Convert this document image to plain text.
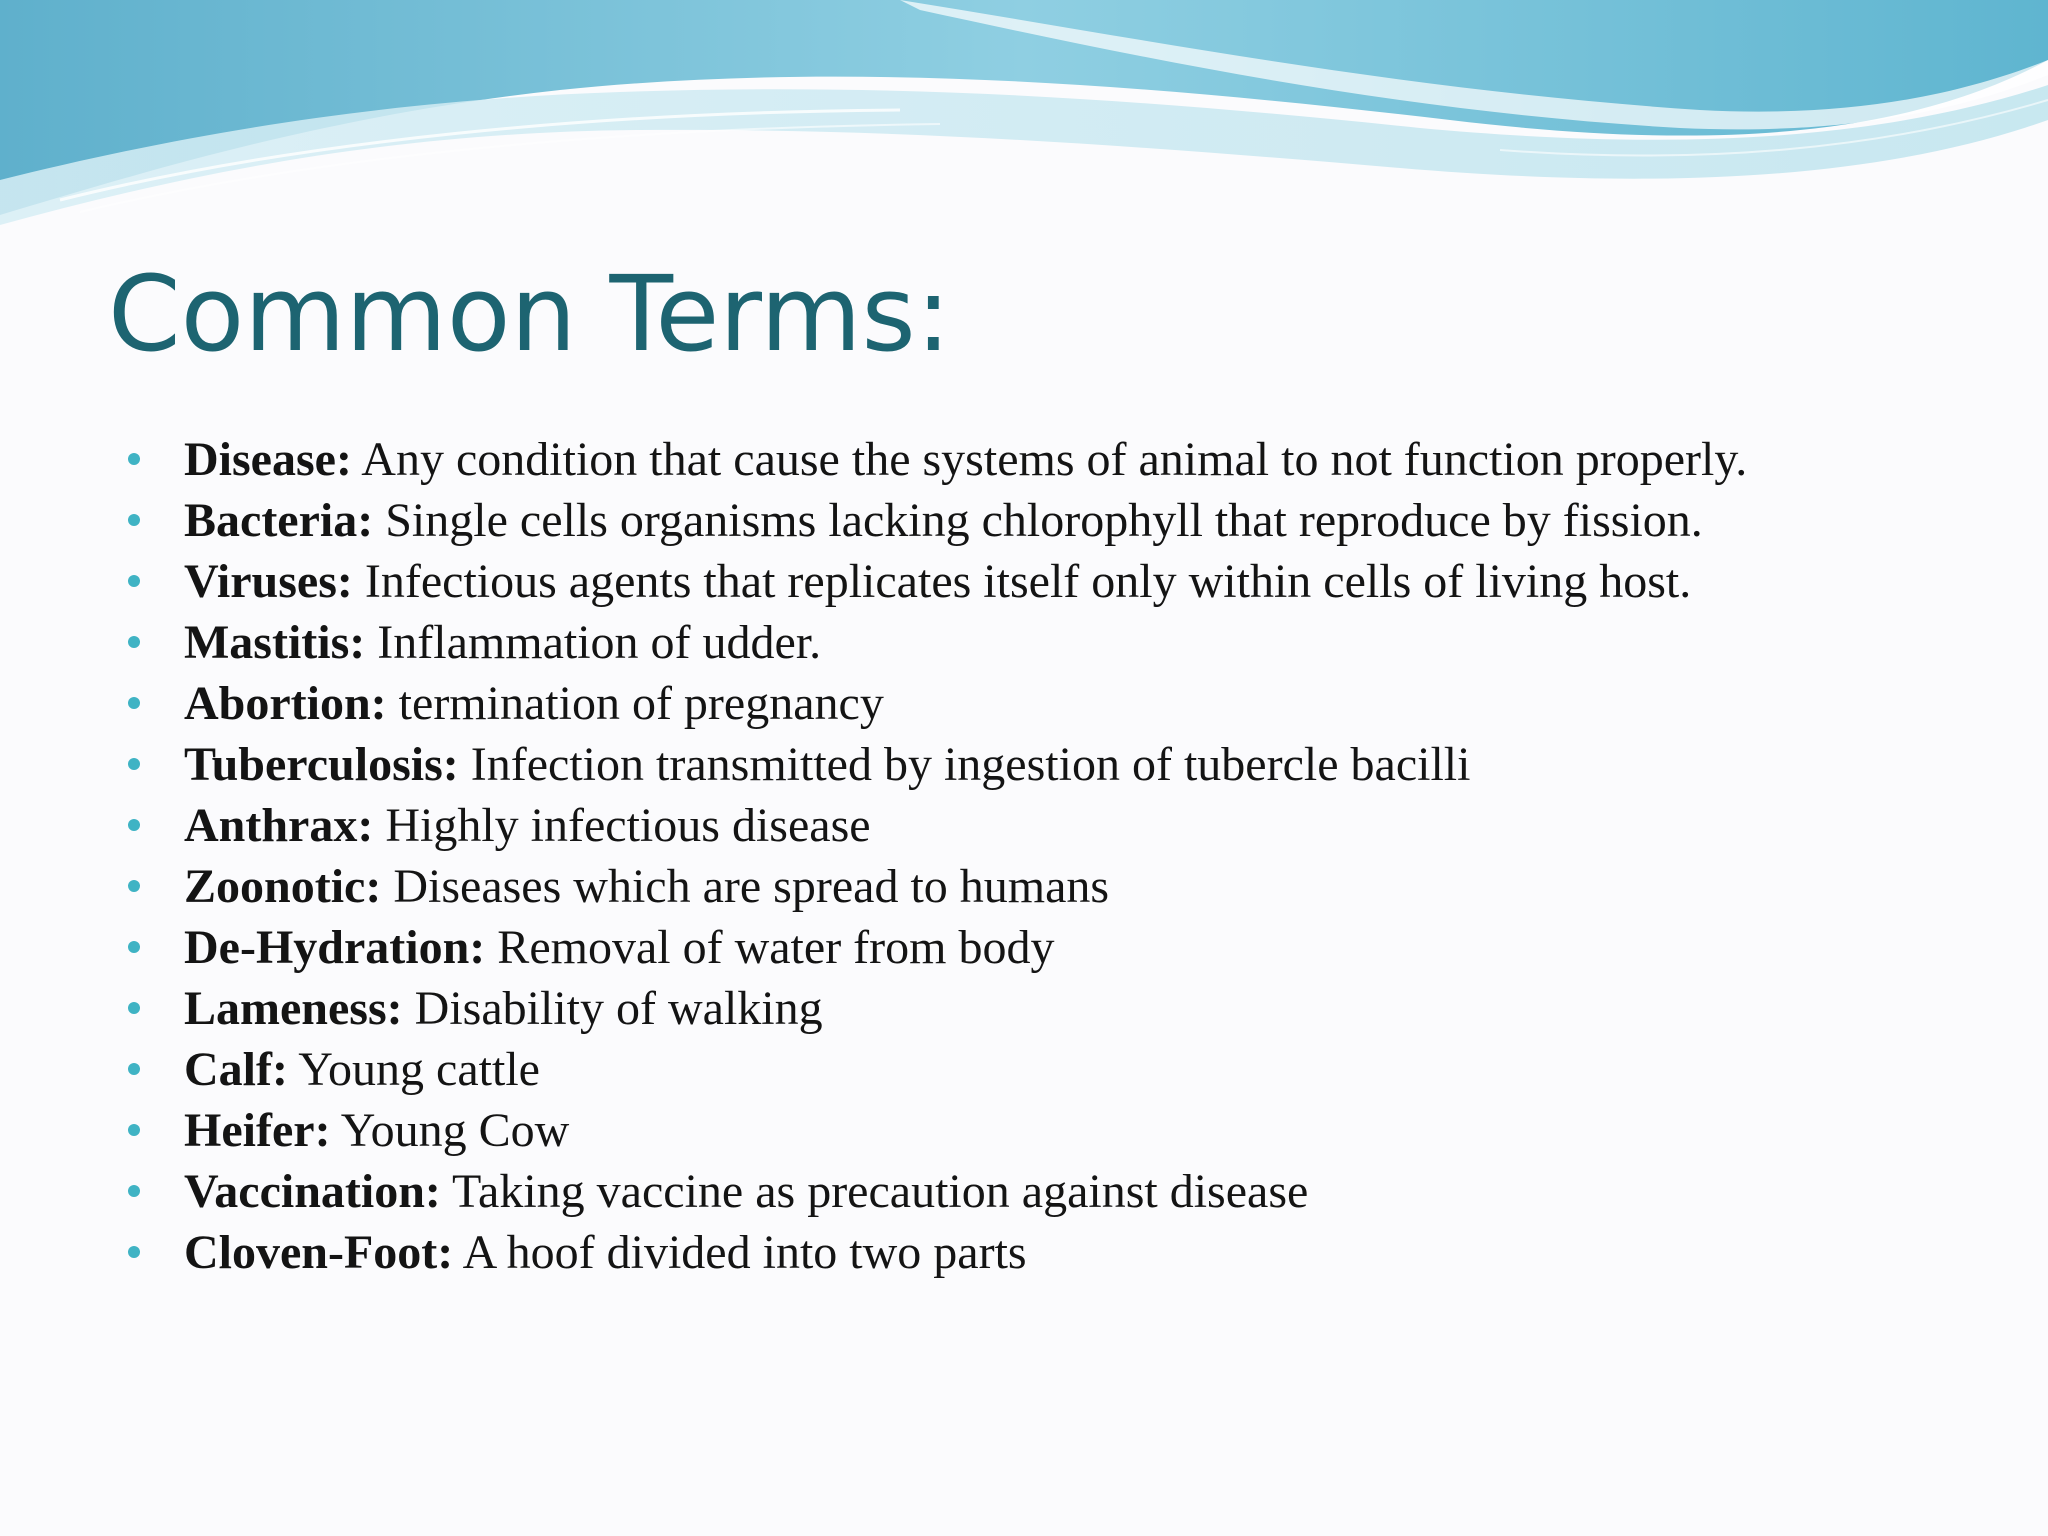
Common Terms:
Disease: Any condition that cause the systems of animal to not function properly.
Bacteria: Single cells organisms lacking chlorophyll that reproduce by fission.
Viruses: Infectious agents that replicates itself only within cells of living host.
Mastitis: Inflammation of udder.
Abortion: termination of pregnancy
Tuberculosis: Infection transmitted by ingestion of tubercle bacilli
Anthrax: Highly infectious disease
Zoonotic: Diseases which are spread to humans
De-Hydration: Removal of water from body
Lameness: Disability of walking
Calf: Young cattle
Heifer: Young Cow
Vaccination: Taking vaccine as precaution against disease
Cloven-Foot: A hoof divided into two parts
